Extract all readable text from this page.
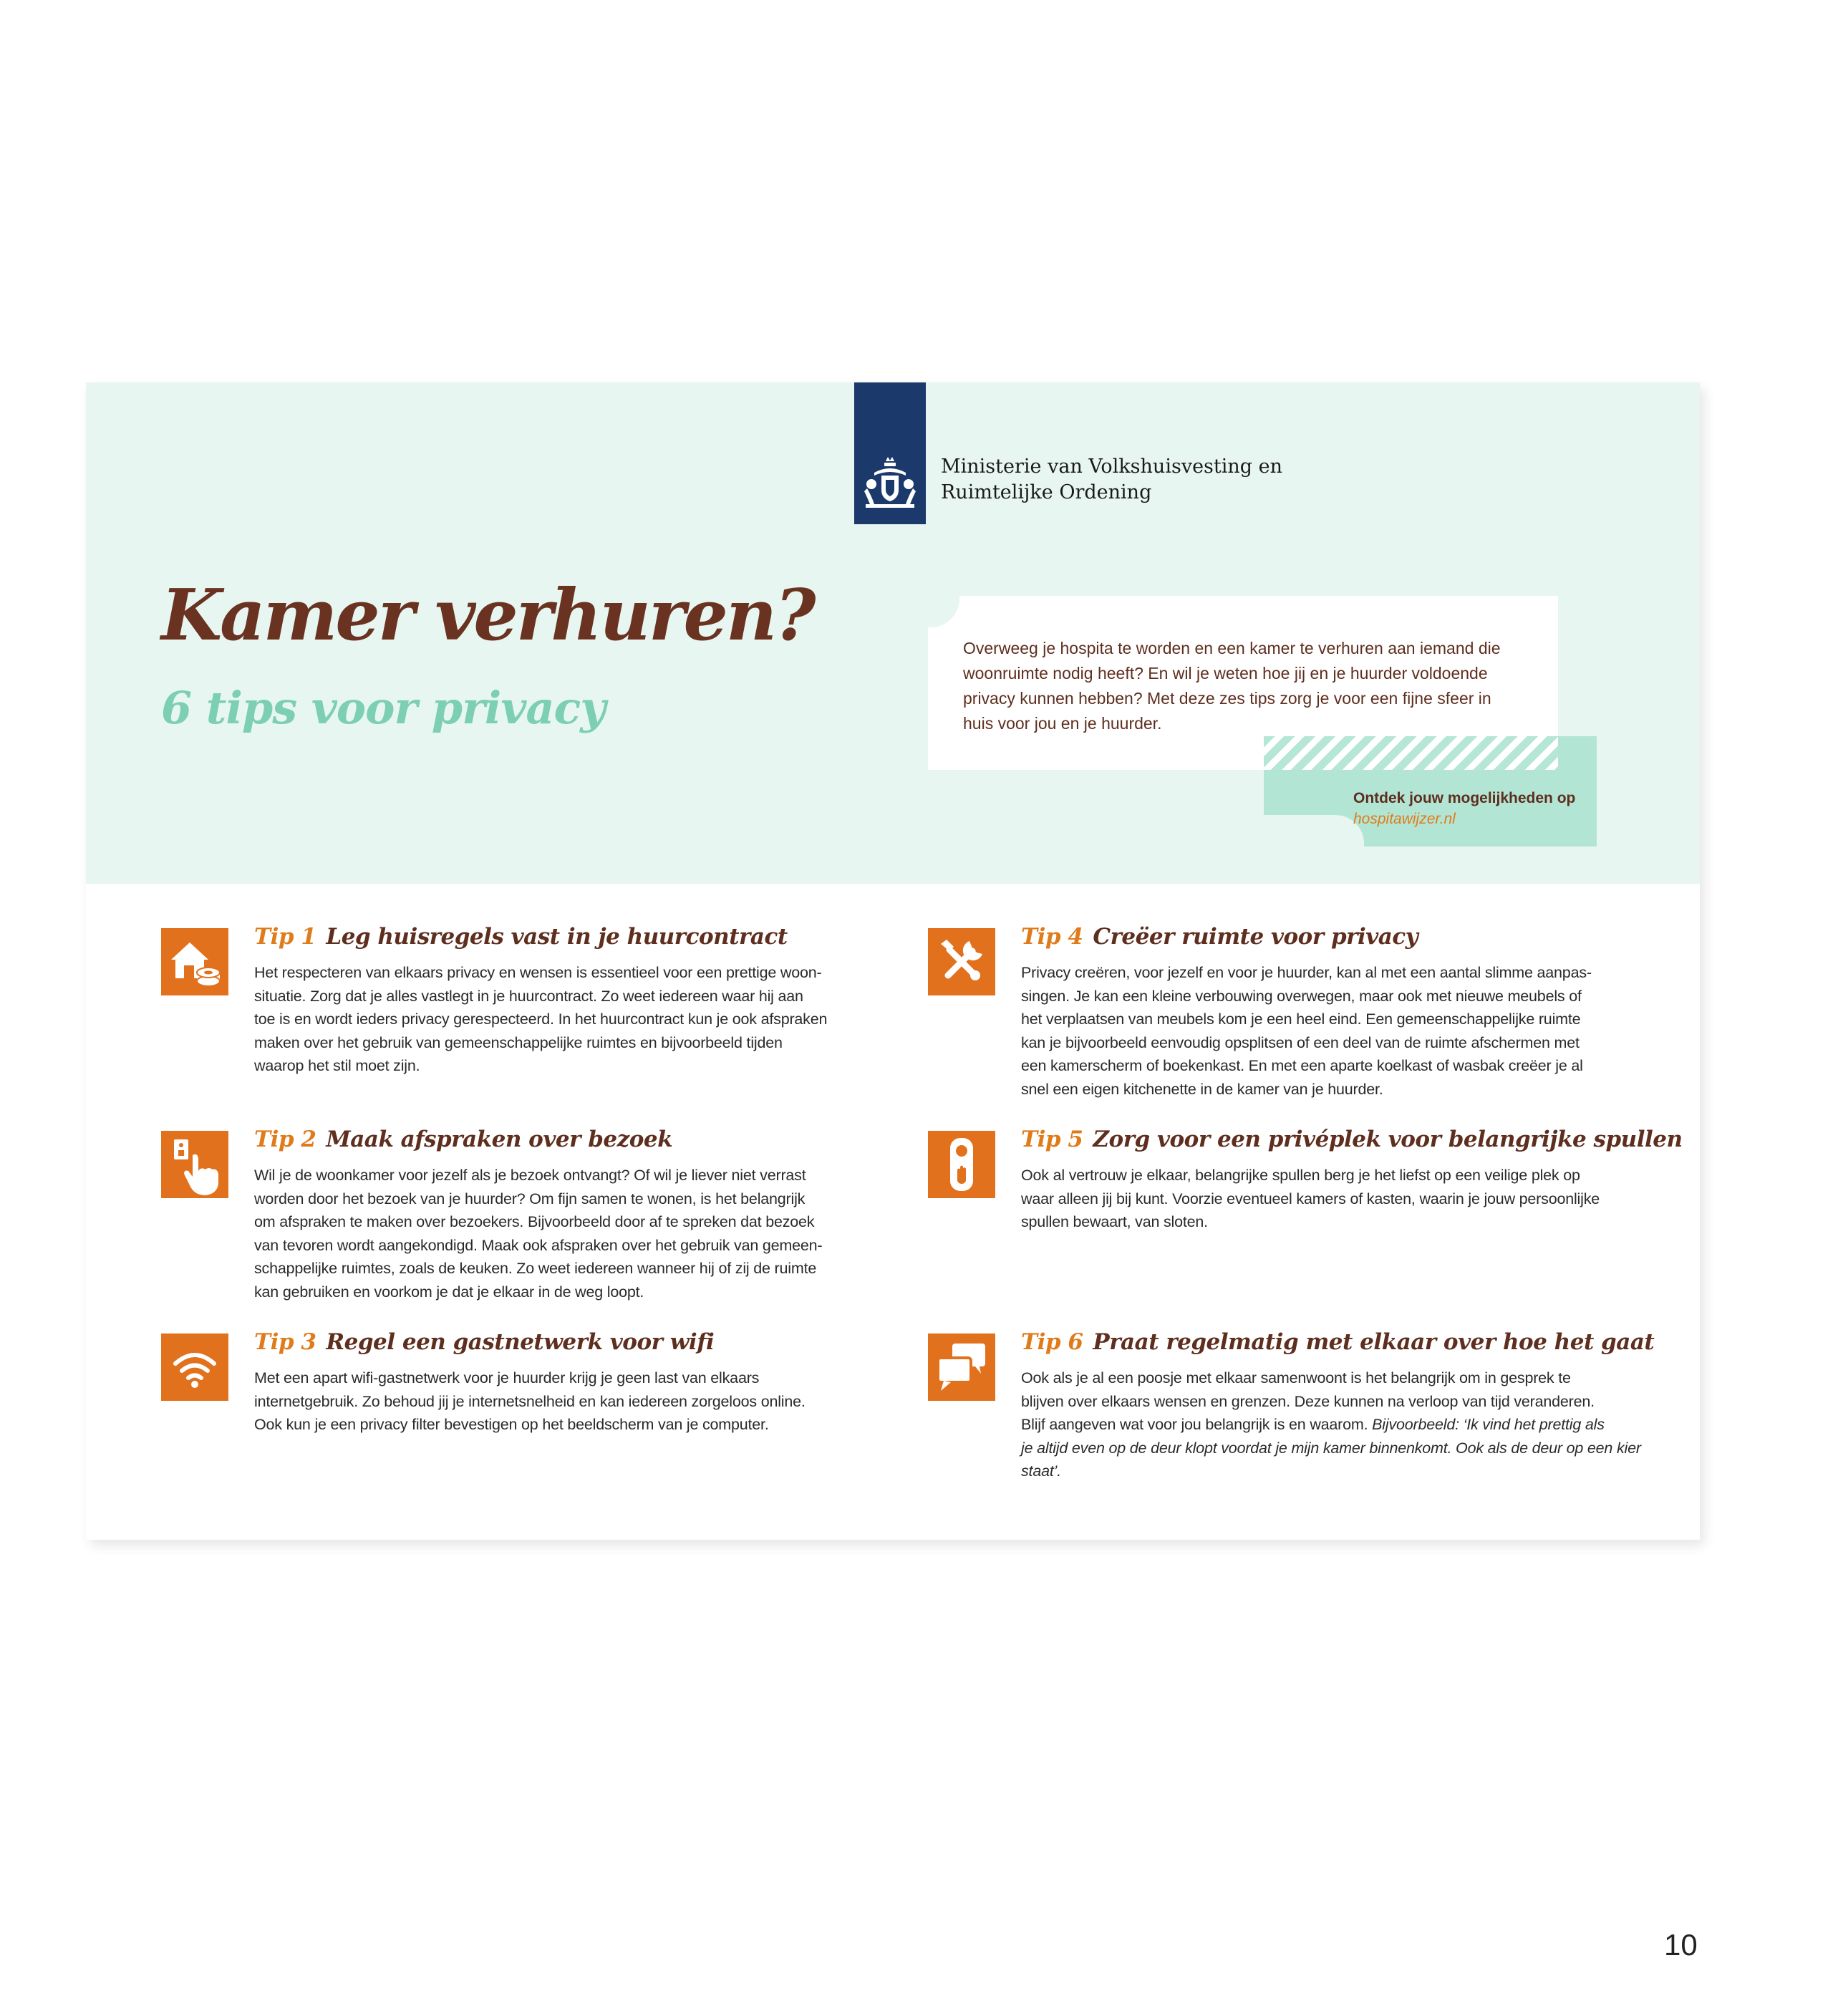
Ministerie van Volkshuisvesting en
Ruimtelijke Ordening
Kamer verhuren?
6 tips voor privacy
Overweeg je hospita te worden en een kamer te verhuren aan iemand die
woonruimte nodig heeft? En wil je weten hoe jij en je huurder voldoende
privacy kunnen hebben? Met deze zes tips zorg je voor een fijne sfeer in
huis voor jou en je huurder.
Ontdek jouw mogelijkheden op
hospitawijzer.nl
Tip 1 Leg huisregels vast in je huurcontract
Het respecteren van elkaars privacy en wensen is essentieel voor een prettige woon-
situatie. Zorg dat je alles vastlegt in je huurcontract. Zo weet iedereen waar hij aan
toe is en wordt ieders privacy gerespecteerd. In het huurcontract kun je ook afspraken
maken over het gebruik van gemeenschappelijke ruimtes en bijvoorbeeld tijden
waarop het stil moet zijn.
Tip 2 Maak afspraken over bezoek
Wil je de woonkamer voor jezelf als je bezoek ontvangt? Of wil je liever niet verrast
worden door het bezoek van je huurder? Om fijn samen te wonen, is het belangrijk
om afspraken te maken over bezoekers. Bijvoorbeeld door af te spreken dat bezoek
van tevoren wordt aangekondigd. Maak ook afspraken over het gebruik van gemeen-
schappelijke ruimtes, zoals de keuken. Zo weet iedereen wanneer hij of zij de ruimte
kan gebruiken en voorkom je dat je elkaar in de weg loopt.
Tip 3 Regel een gastnetwerk voor wifi
Met een apart wifi-gastnetwerk voor je huurder krijg je geen last van elkaars
internetgebruik. Zo behoud jij je internetsnelheid en kan iedereen zorgeloos online.
Ook kun je een privacy filter bevestigen op het beeldscherm van je computer.
Tip 4 Creëer ruimte voor privacy
Privacy creëren, voor jezelf en voor je huurder, kan al met een aantal slimme aanpas-
singen. Je kan een kleine verbouwing overwegen, maar ook met nieuwe meubels of
het verplaatsen van meubels kom je een heel eind. Een gemeenschappelijke ruimte
kan je bijvoorbeeld eenvoudig opsplitsen of een deel van de ruimte afschermen met
een kamerscherm of boekenkast. En met een aparte koelkast of wasbak creëer je al
snel een eigen kitchenette in de kamer van je huurder.
Tip 5 Zorg voor een privéplek voor belangrijke spullen
Ook al vertrouw je elkaar, belangrijke spullen berg je het liefst op een veilige plek op
waar alleen jij bij kunt. Voorzie eventueel kamers of kasten, waarin je jouw persoonlijke
spullen bewaart, van sloten.
Tip 6 Praat regelmatig met elkaar over hoe het gaat
Ook als je al een poosje met elkaar samenwoont is het belangrijk om in gesprek te
blijven over elkaars wensen en grenzen. Deze kunnen na verloop van tijd veranderen.
Blijf aangeven wat voor jou belangrijk is en waarom. Bijvoorbeeld: ‘Ik vind het prettig als
je altijd even op de deur klopt voordat je mijn kamer binnenkomt. Ook als de deur op een kier
staat’.
10
